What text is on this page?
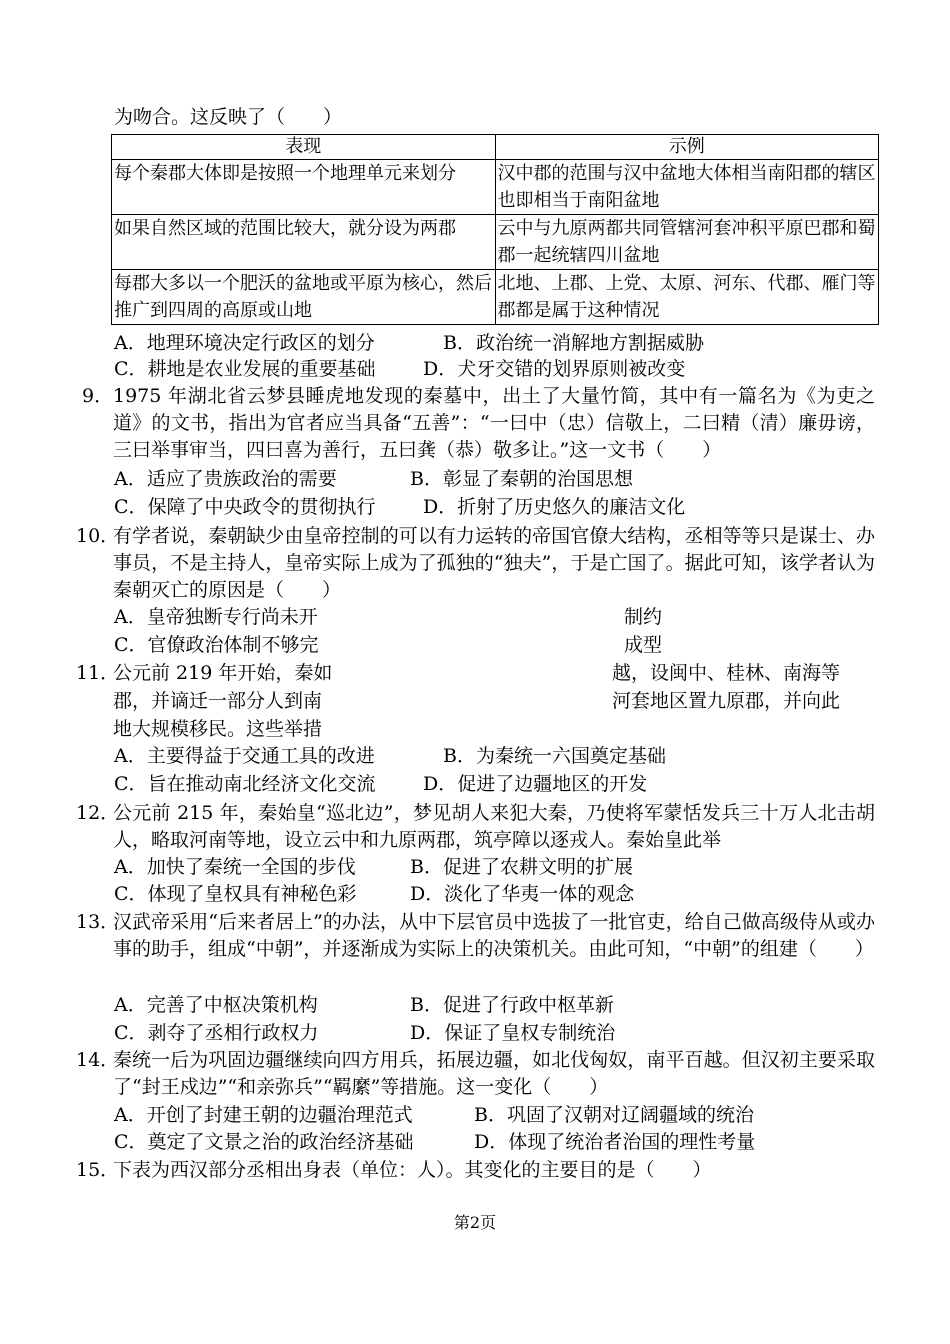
为吻合。这反映了（　　）
表现	示例
每个秦郡大体即是按照一个地理单元来划分	汉中郡的范围与汉中盆地大体相当南阳郡的辖区也即相当于南阳盆地
如果自然区域的范围比较大，就分设为两郡	云中与九原两都共同管辖河套冲积平原巴郡和蜀郡一起统辖四川盆地
每郡大多以一个肥沃的盆地或平原为核心，然后推广到四周的高原或山地	北地、上郡、上党、太原、河东、代郡、雁门等郡都是属于这种情况
A．地理环境决定行政区的划分	B．政治统一消解地方割据威胁
C．耕地是农业发展的重要基础 D．犬牙交错的划界原则被改变
9． 1975 年湖北省云梦县睡虎地发现的秦墓中，出土了大量竹简，其中有一篇名为《为吏之道》的文书，指出为官者应当具备“五善”：“一曰中（忠）信敬上，二曰精（清）廉毋谤，三曰举事审当，四曰喜为善行，五曰龚（恭）敬多让。”这一文书（　　）
A．适应了贵族政治的需要	B．彰显了秦朝的治国思想
C．保障了中央政令的贯彻执行 D．折射了历史悠久的廉洁文化
10．
有学者说，秦朝缺少由皇帝控制的可以有力运转的帝国官僚大结构，丞相等等只是谋士、办事员，不是主持人，皇帝实际上成为了孤独的“独夫”，于是亡国了。据此可知，该学者认为秦朝灭亡的原因是（　　）
A．皇帝独断专行尚未开	制约
C．官僚政治体制不够完	成型
11．
公元前 219 年开始，秦如	越，设闽中、桂林、南海等
郡，并谪迁一部分人到南	河套地区置九原郡，并向此
地大规模移民。这些举措
A．主要得益于交通工具的改进	B．为秦统一六国奠定基础
C．旨在推动南北经济文化交流 D．促进了边疆地区的开发
12．
公元前 215 年，秦始皇“巡北边”，梦见胡人来犯大秦，乃使将军蒙恬发兵三十万人北击胡人，略取河南等地，设立云中和九原两郡，筑亭障以逐戎人。秦始皇此举
A．加快了秦统一全国的步伐	B．促进了农耕文明的扩展
C．体现了皇权具有神秘色彩	D．淡化了华夷一体的观念
13．
汉武帝采用“后来者居上”的办法，从中下层官员中选拔了一批官吏，给自己做高级侍从或办事的助手，组成“中朝”，并逐渐成为实际上的决策机关。由此可知，“中朝”的组建（　　）
A．完善了中枢决策机构	B．促进了行政中枢革新
C．剥夺了丞相行政权力	D．保证了皇权专制统治
14．
秦统一后为巩固边疆继续向四方用兵，拓展边疆，如北伐匈奴，南平百越。但汉初主要采取了“封王戍边”“和亲弥兵”“羁縻”等措施。这一变化（　　）
A．开创了封建王朝的边疆治理范式	B．巩固了汉朝对辽阔疆域的统治
C．奠定了文景之治的政治经济基础	D．体现了统治者治国的理性考量
15．
下表为西汉部分丞相出身表（单位：人）。其变化的主要目的是（　　）
第2页
